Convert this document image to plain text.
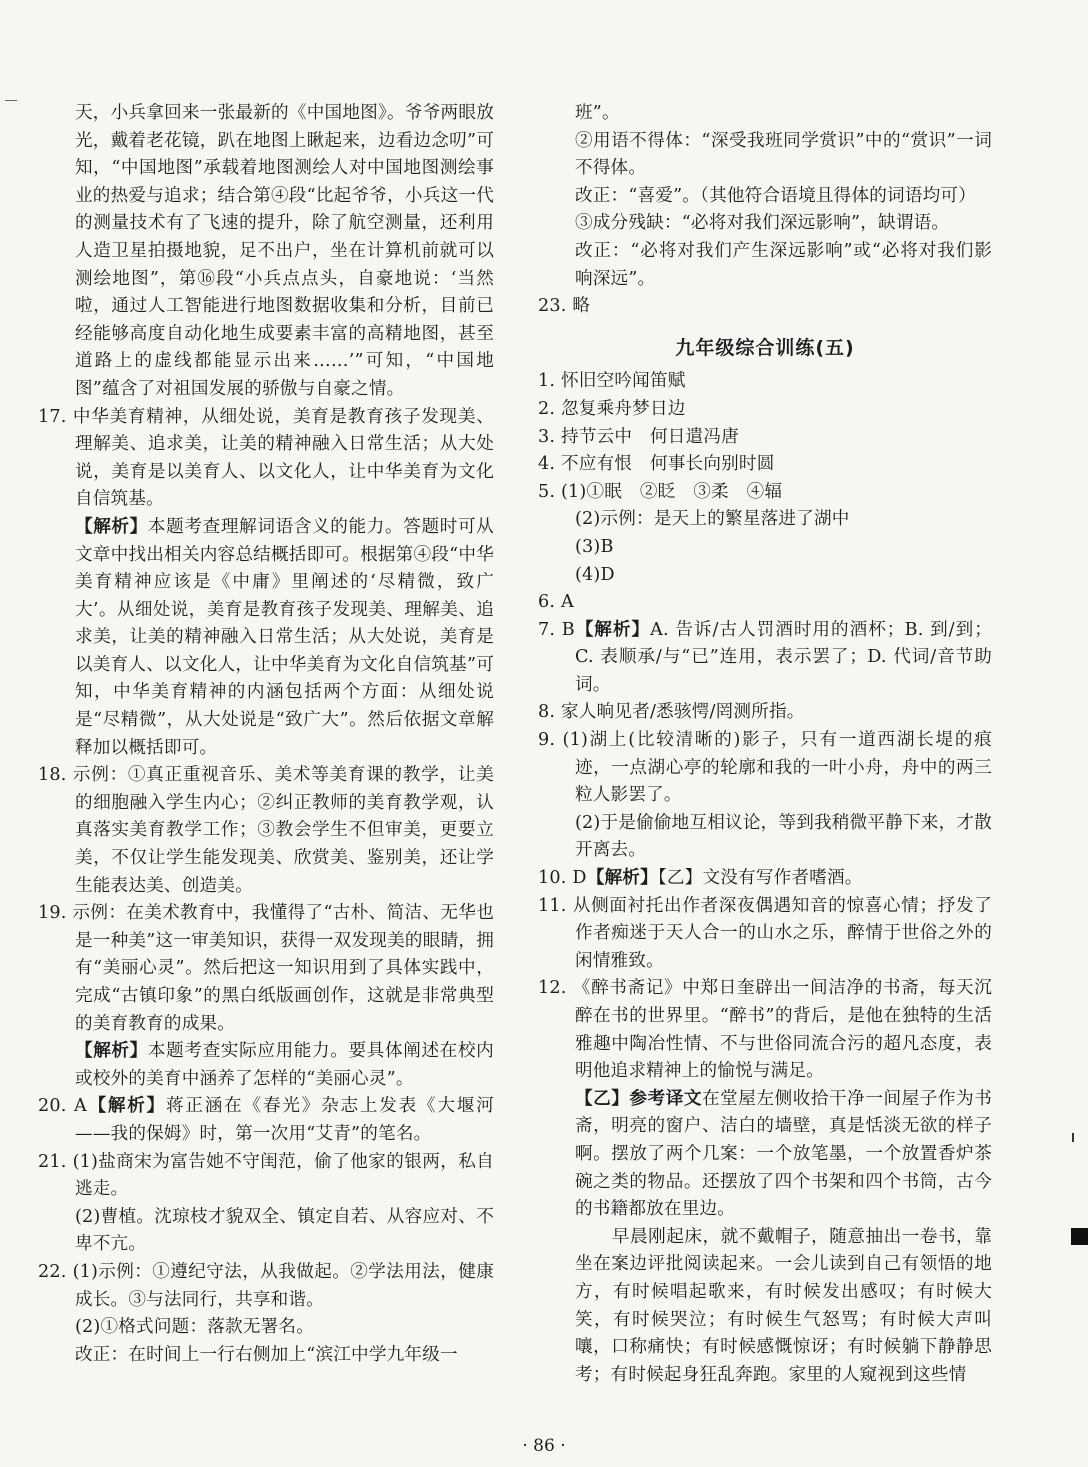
天，小兵拿回来一张最新的《中国地图》。爷爷两眼放光，戴着老花镜，趴在地图上瞅起来，边看边念叨”可知，“中国地图”承载着地图测绘人对中国地图测绘事业的热爱与追求；结合第④段“比起爷爷，小兵这一代的测量技术有了飞速的提升，除了航空测量，还利用人造卫星拍摄地貌，足不出户，坐在计算机前就可以测绘地图”，第⑯段“小兵点点头，自豪地说：‘当然啦，通过人工智能进行地图数据收集和分析，目前已经能够高度自动化地生成要素丰富的高精地图，甚至道路上的虚线都能显示出来……’”可知，“中国地图”蕴含了对祖国发展的骄傲与自豪之情。

17. 中华美育精神，从细处说，美育是教育孩子发现美、理解美、追求美，让美的精神融入日常生活；从大处说，美育是以美育人、以文化人，让中华美育为文化自信筑基。

【解析】本题考查理解词语含义的能力。答题时可从文章中找出相关内容总结概括即可。根据第④段“中华美育精神应该是《中庸》里阐述的‘尽精微，致广大’。从细处说，美育是教育孩子发现美、理解美、追求美，让美的精神融入日常生活；从大处说，美育是以美育人、以文化人，让中华美育为文化自信筑基”可知，中华美育精神的内涵包括两个方面：从细处说是“尽精微”，从大处说是“致广大”。然后依据文章解释加以概括即可。

18. 示例：①真正重视音乐、美术等美育课的教学，让美的细胞融入学生内心；②纠正教师的美育教学观，认真落实美育教学工作；③教会学生不但审美，更要立美，不仅让学生能发现美、欣赏美、鉴别美，还让学生能表达美、创造美。

19. 示例：在美术教育中，我懂得了“古朴、简洁、无华也是一种美”这一审美知识，获得一双发现美的眼睛，拥有“美丽心灵”。然后把这一知识用到了具体实践中，完成“古镇印象”的黑白纸版画创作，这就是非常典型的美育教育的成果。

【解析】本题考查实际应用能力。要具体阐述在校内或校外的美育中涵养了怎样的“美丽心灵”。

20. A【解析】蒋正涵在《春光》杂志上发表《大堰河——我的保姆》时，第一次用“艾青”的笔名。

21. (1)盐商宋为富告她不守闺范，偷了他家的银两，私自逃走。

(2)曹植。沈琼枝才貌双全、镇定自若、从容应对、不卑不亢。

22. (1)示例：①遵纪守法，从我做起。②学法用法，健康成长。③与法同行，共享和谐。

(2)①格式问题：落款无署名。

改正：在时间上一行右侧加上“滨江中学九年级一

班”。

②用语不得体：“深受我班同学赏识”中的“赏识”一词不得体。

改正：“喜爱”。（其他符合语境且得体的词语均可）

③成分残缺：“必将对我们深远影响”，缺谓语。

改正：“必将对我们产生深远影响”或“必将对我们影响深远”。

23. 略

九年级综合训练(五)

1. 怀旧空吟闻笛赋

2. 忽复乘舟梦日边

3. 持节云中　何日遣冯唐

4. 不应有恨　何事长向别时圆

5. (1)①眠　②眨　③柔　④辐

(2)示例：是天上的繁星落进了湖中

(3)B

(4)D

6. A

7. B【解析】A. 告诉/古人罚酒时用的酒杯；B. 到/到；C. 表顺承/与“已”连用，表示罢了；D. 代词/音节助词。

8. 家人晌见者/悉骇愕/罔测所指。

9. (1)湖上(比较清晰的)影子，只有一道西湖长堤的痕迹，一点湖心亭的轮廓和我的一叶小舟，舟中的两三粒人影罢了。

(2)于是偷偷地互相议论，等到我稍微平静下来，才散开离去。

10. D【解析】【乙】文没有写作者嗜酒。

11. 从侧面衬托出作者深夜偶遇知音的惊喜心情；抒发了作者痴迷于天人合一的山水之乐，醉情于世俗之外的闲情雅致。

12. 《醉书斋记》中郑日奎辟出一间洁净的书斋，每天沉醉在书的世界里。“醉书”的背后，是他在独特的生活雅趣中陶冶性情、不与世俗同流合污的超凡态度，表明他追求精神上的愉悦与满足。

【乙】参考译文在堂屋左侧收拾干净一间屋子作为书斋，明亮的窗户、洁白的墙壁，真是恬淡无欲的样子啊。摆放了两个几案：一个放笔墨，一个放置香炉茶碗之类的物品。还摆放了四个书架和四个书筒，古今的书籍都放在里边。

早晨刚起床，就不戴帽子，随意抽出一卷书，靠坐在案边评批阅读起来。一会儿读到自己有领悟的地方，有时候唱起歌来，有时候发出感叹；有时候大笑，有时候哭泣；有时候生气怒骂；有时候大声叫嚷，口称痛快；有时候感慨惊讶；有时候躺下静静思考；有时候起身狂乱奔跑。家里的人窥视到这些情

· 86 ·
